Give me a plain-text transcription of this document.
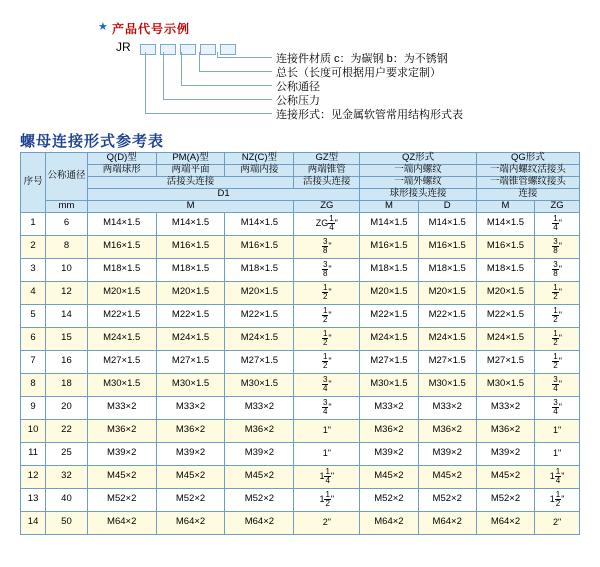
★ 产品代号示例
JR
连接件材质 c：为碳钢 b：为不锈钢
总长（长度可根据用户要求定制）
公称通径
公称压力
连接形式：见金属软管常用结构形式表
螺母连接形式参考表
序号	公称通径	Q(D)型	PM(A)型	NZ(C)型	GZ型	QZ形式		QG形式	
		两端球形	两端平面	两端内接	两端锥管	一端内螺纹		一端内螺纹活接头	
		活接头连接			活接头连接	一端外螺纹		一端锥管螺纹接头	
		D1				球形接头连接		连接	
	mm	M			ZG	M	D	M	ZG
1	6	M14×1.5	M14×1.5	M14×1.5	ZG $\frac{1}{4}$ "	M14×1.5	M14×1.5	M14×1.5	$\frac{1}{4}$ "
2	8	M16×1.5	M16×1.5	M16×1.5	$\frac{3}{8}$ "	M16×1.5	M16×1.5	M16×1.5	$\frac{3}{8}$ "
3	10	M18×1.5	M18×1.5	M18×1.5	$\frac{3}{8}$ "	M18×1.5	M18×1.5	M18×1.5	$\frac{3}{8}$ "
4	12	M20×1.5	M20×1.5	M20×1.5	$\frac{1}{2}$ "	M20×1.5	M20×1.5	M20×1.5	$\frac{1}{2}$ "
5	14	M22×1.5	M22×1.5	M22×1.5	$\frac{1}{2}$ "	M22×1.5	M22×1.5	M22×1.5	$\frac{1}{2}$ "
6	15	M24×1.5	M24×1.5	M24×1.5	$\frac{1}{2}$ "	M24×1.5	M24×1.5	M24×1.5	$\frac{1}{2}$ "
7	16	M27×1.5	M27×1.5	M27×1.5	$\frac{1}{2}$ "	M27×1.5	M27×1.5	M27×1.5	$\frac{1}{2}$ "
8	18	M30×1.5	M30×1.5	M30×1.5	$\frac{3}{4}$ "	M30×1.5	M30×1.5	M30×1.5	$\frac{3}{4}$ "
9	20	M33×2	M33×2	M33×2	$\frac{3}{4}$ "	M33×2	M33×2	M33×2	$\frac{3}{4}$ "
10	22	M36×2	M36×2	M36×2	1"	M36×2	M36×2	M36×2	1"
11	25	M39×2	M39×2	M39×2	1"	M39×2	M39×2	M39×2	1"
12	32	M45×2	M45×2	M45×2	$1 \frac{1}{4}$ "	M45×2	M45×2	M45×2	$1 \frac{1}{4}$ "
13	40	M52×2	M52×2	M52×2	$1 \frac{1}{2}$ "	M52×2	M52×2	M52×2	$1 \frac{1}{2}$ "
14	50	M64×2	M64×2	M64×2	2"	M64×2	M64×2	M64×2	2"
